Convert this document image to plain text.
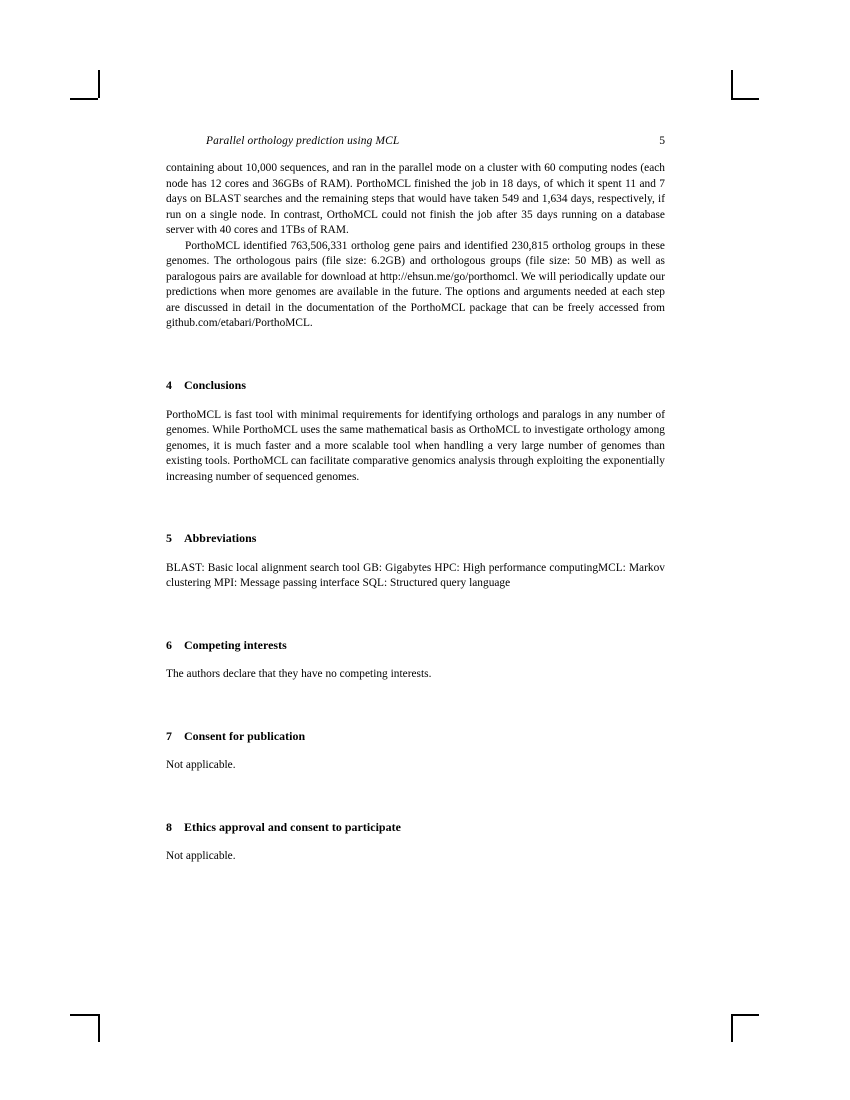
Parallel orthology prediction using MCL	5

containing about 10,000 sequences, and ran in the parallel mode on a cluster with 60 computing nodes (each node has 12 cores and 36GBs of RAM). PorthoMCL finished the job in 18 days, of which it spent 11 and 7 days on BLAST searches and the remaining steps that would have taken 549 and 1,634 days, respectively, if run on a single node. In contrast, OrthoMCL could not finish the job after 35 days running on a database server with 40 cores and 1TBs of RAM.

PorthoMCL identified 763,506,331 ortholog gene pairs and identified 230,815 ortholog groups in these genomes. The orthologous pairs (file size: 6.2GB) and orthologous groups (file size: 50 MB) as well as paralogous pairs are available for download at http://ehsun.me/go/porthomcl. We will periodically update our predictions when more genomes are available in the future. The options and arguments needed at each step are discussed in detail in the documentation of the PorthoMCL package that can be freely accessed from github.com/etabari/PorthoMCL.

4 Conclusions

PorthoMCL is fast tool with minimal requirements for identifying orthologs and paralogs in any number of genomes. While PorthoMCL uses the same mathematical basis as OrthoMCL to investigate orthology among genomes, it is much faster and a more scalable tool when handling a very large number of genomes than existing tools. PorthoMCL can facilitate comparative genomics analysis through exploiting the exponentially increasing number of sequenced genomes.

5 Abbreviations

BLAST: Basic local alignment search tool GB: Gigabytes HPC: High performance computingMCL: Markov clustering MPI: Message passing interface SQL: Structured query language

6 Competing interests

The authors declare that they have no competing interests.

7 Consent for publication

Not applicable.

8 Ethics approval and consent to participate

Not applicable.
